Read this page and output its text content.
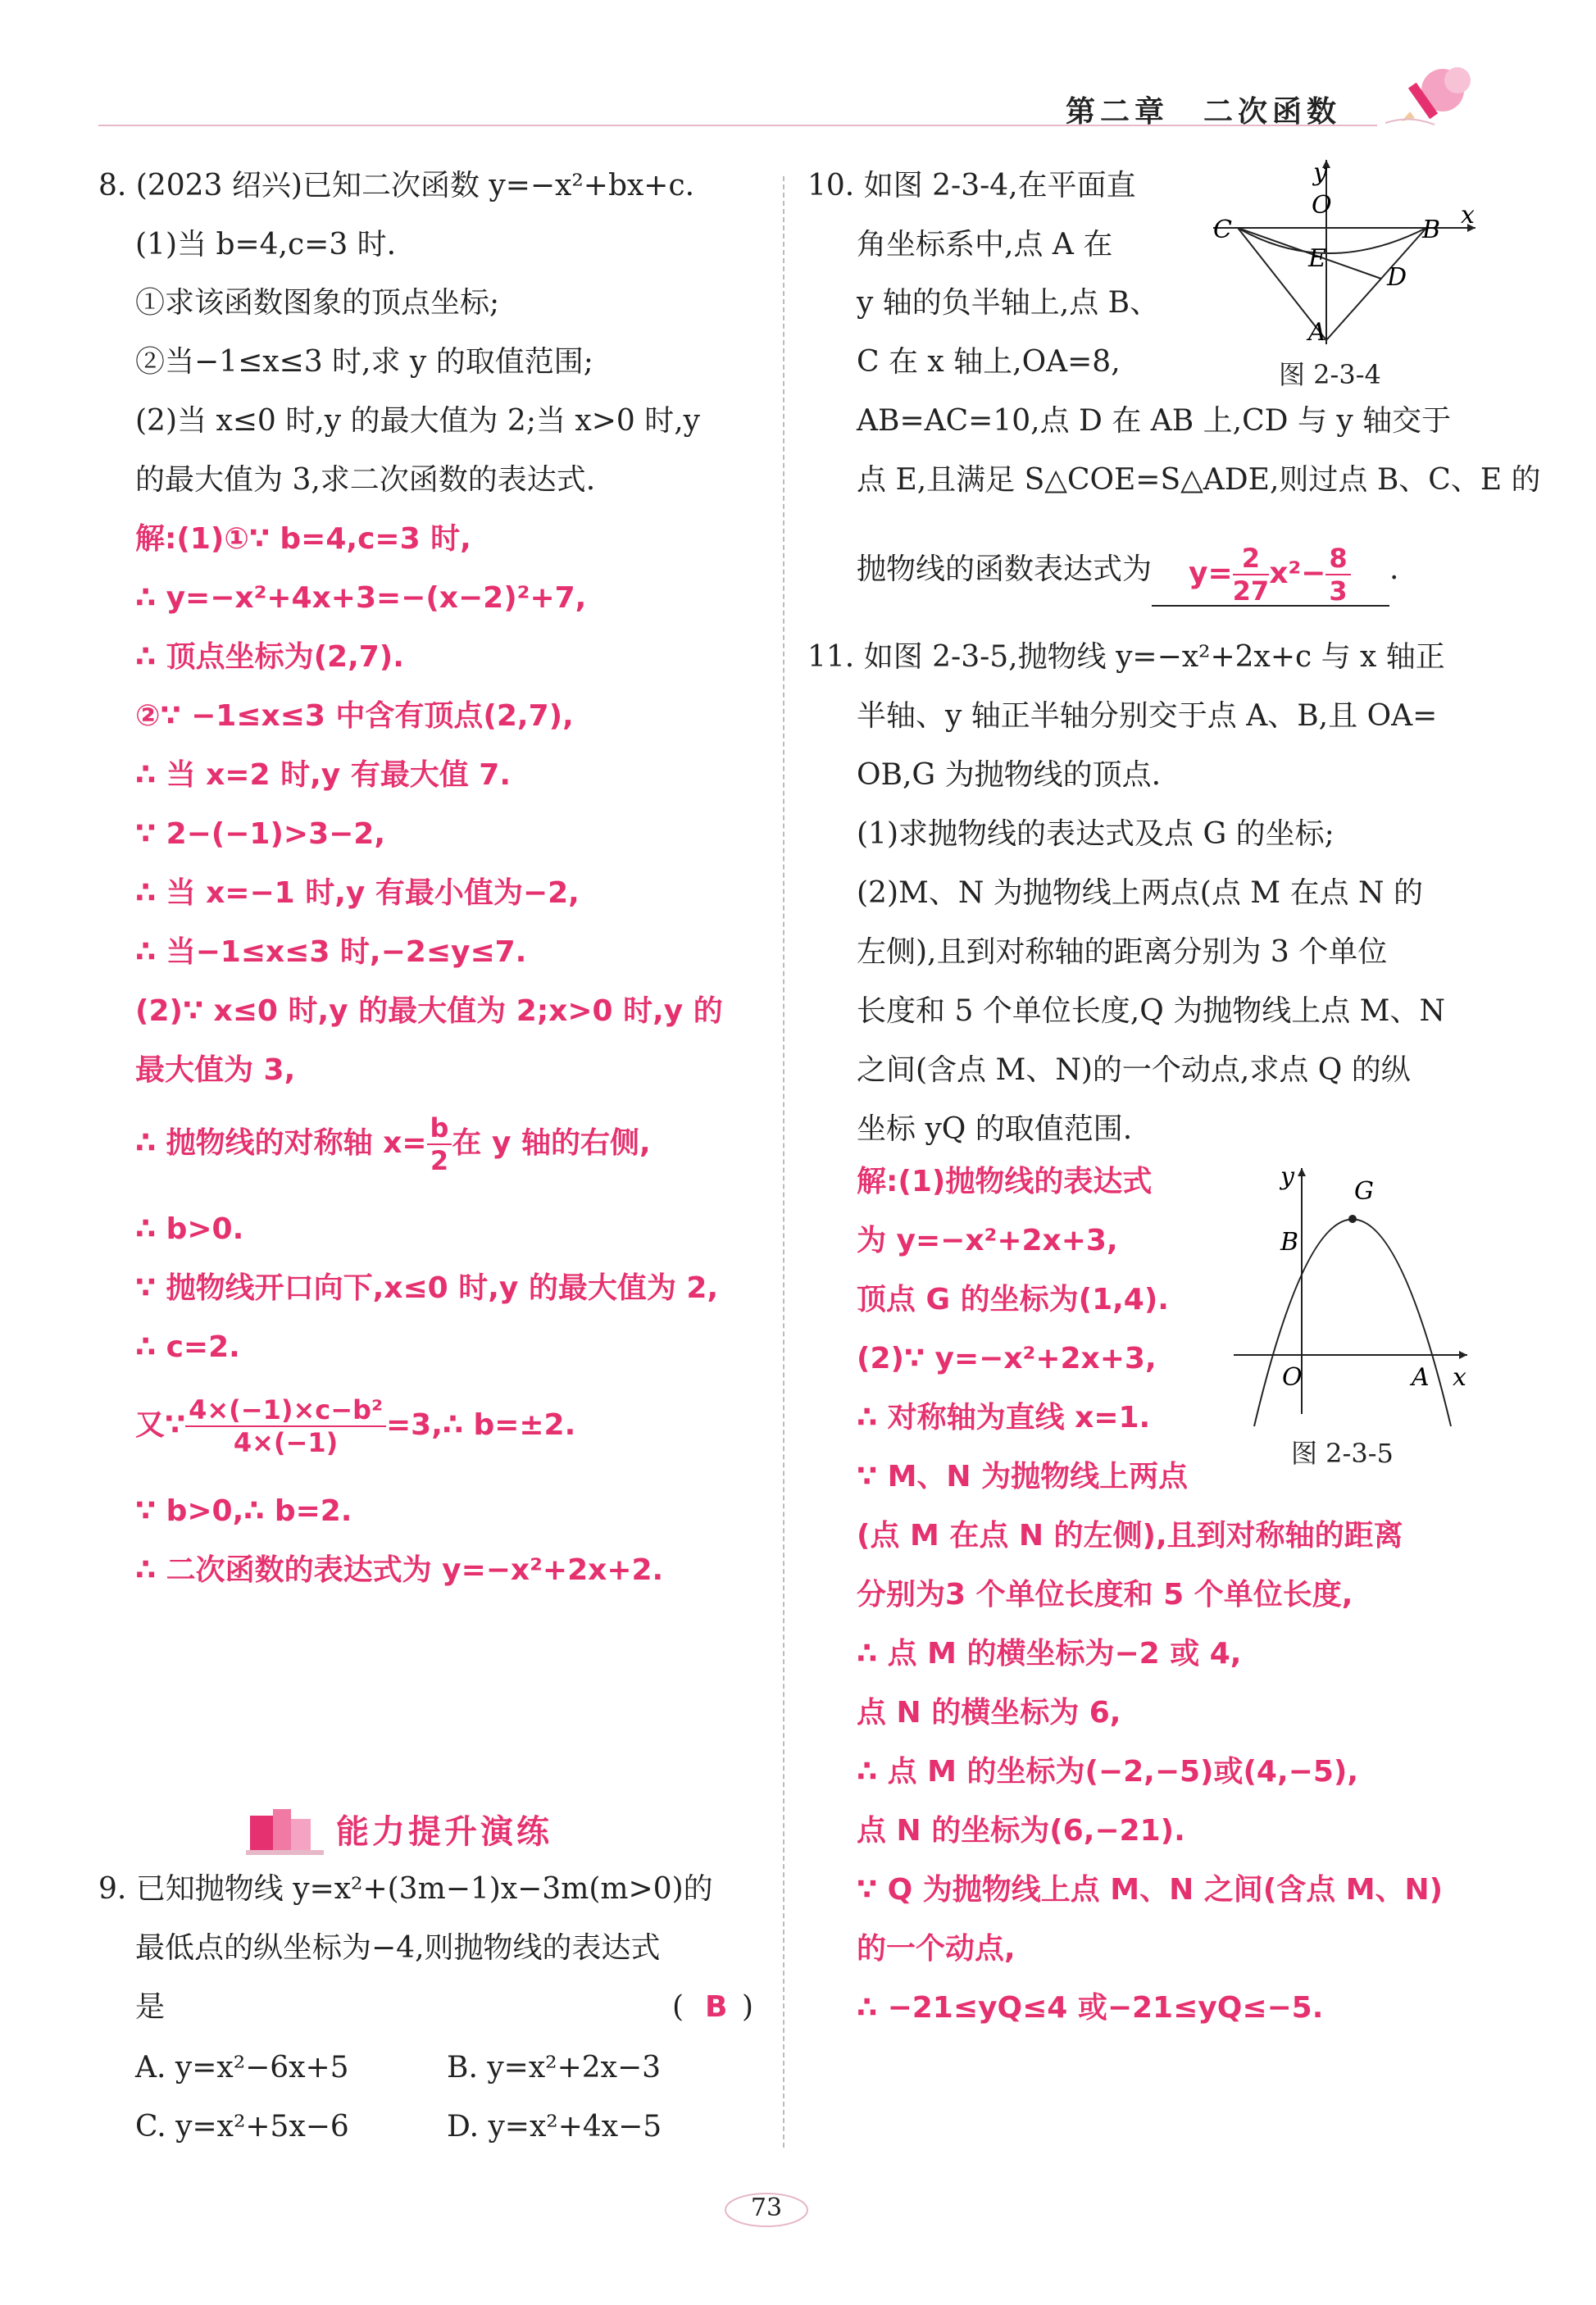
第二章　二次函数
8. (2023 绍兴)已知二次函数 y=−x²+bx+c.
(1)当 b=4,c=3 时.
①求该函数图象的顶点坐标;
②当−1≤x≤3 时,求 y 的取值范围;
(2)当 x≤0 时,y 的最大值为 2;当 x>0 时,y
的最大值为 3,求二次函数的表达式.
解:(1)①∵ b=4,c=3 时,
∴ y=−x²+4x+3=−(x−2)²+7,
∴ 顶点坐标为(2,7).
②∵ −1≤x≤3 中含有顶点(2,7),
∴ 当 x=2 时,y 有最大值 7.
∵ 2−(−1)>3−2,
∴ 当 x=−1 时,y 有最小值为−2,
∴ 当−1≤x≤3 时,−2≤y≤7.
(2)∵ x≤0 时,y 的最大值为 2;x>0 时,y 的
最大值为 3,
∴ 抛物线的对称轴 $x= \frac{b}{2}$ 在 y 轴的右侧,
∴ b>0.
∵ 抛物线开口向下,x≤0 时,y 的最大值为 2,
∴ c=2.
又∵ $\frac{\text{4×(−1)×c−b²}}{4\times(-1)}$ =3,∴ b=±2.
∵ b>0,∴ b=2.
∴ 二次函数的表达式为 y=−x²+2x+2.
能力提升演练
9. 已知抛物线 y=x²+(3m−1)x−3m(m>0)的
最低点的纵坐标为−4,则抛物线的表达式
是	( B )
A. y=x²−6x+5	B. y=x²+2x−3
C. y=x²+5x−6	D. y=x²+4x−5
10. 如图 2-3-4,在平面直
角坐标系中,点 A 在
y 轴的负半轴上,点 B、
C 在 x 轴上,OA=8,
AB=AC=10,点 D 在 AB 上,CD 与 y 轴交于
点 E,且满足 S△COE=S△ADE,则过点 B、C、E 的
抛物线的函数表达式为 $y= \frac{2}{27} x^2- \frac{8}{3}$ .
y
x
O
C	B
E
D
A
图 2-3-4
11. 如图 2-3-5,抛物线 y=−x²+2x+c 与 x 轴正
半轴、y 轴正半轴分别交于点 A、B,且 OA=
OB,G 为抛物线的顶点.
(1)求抛物线的表达式及点 G 的坐标;
(2)M、N 为抛物线上两点(点 M 在点 N 的
左侧),且到对称轴的距离分别为 3 个单位
长度和 5 个单位长度,Q 为抛物线上点 M、N
之间(含点 M、N)的一个动点,求点 Q 的纵
坐标 yQ 的取值范围.
解:(1)抛物线的表达式
为 y=−x²+2x+3,
顶点 G 的坐标为(1,4).
(2)∵ y=−x²+2x+3,
∴ 对称轴为直线 x=1.
∵ M、N 为抛物线上两点
(点 M 在点 N 的左侧),且到对称轴的距离
分别为3 个单位长度和 5 个单位长度,
∴ 点 M 的横坐标为−2 或 4,
点 N 的横坐标为 6,
∴ 点 M 的坐标为(−2,−5)或(4,−5),
点 N 的坐标为(6,−21).
∵ Q 为抛物线上点 M、N 之间(含点 M、N)
的一个动点,
∴ −21≤yQ≤4 或−21≤yQ≤−5.
y
G
B
O	A x
图 2-3-5
73
